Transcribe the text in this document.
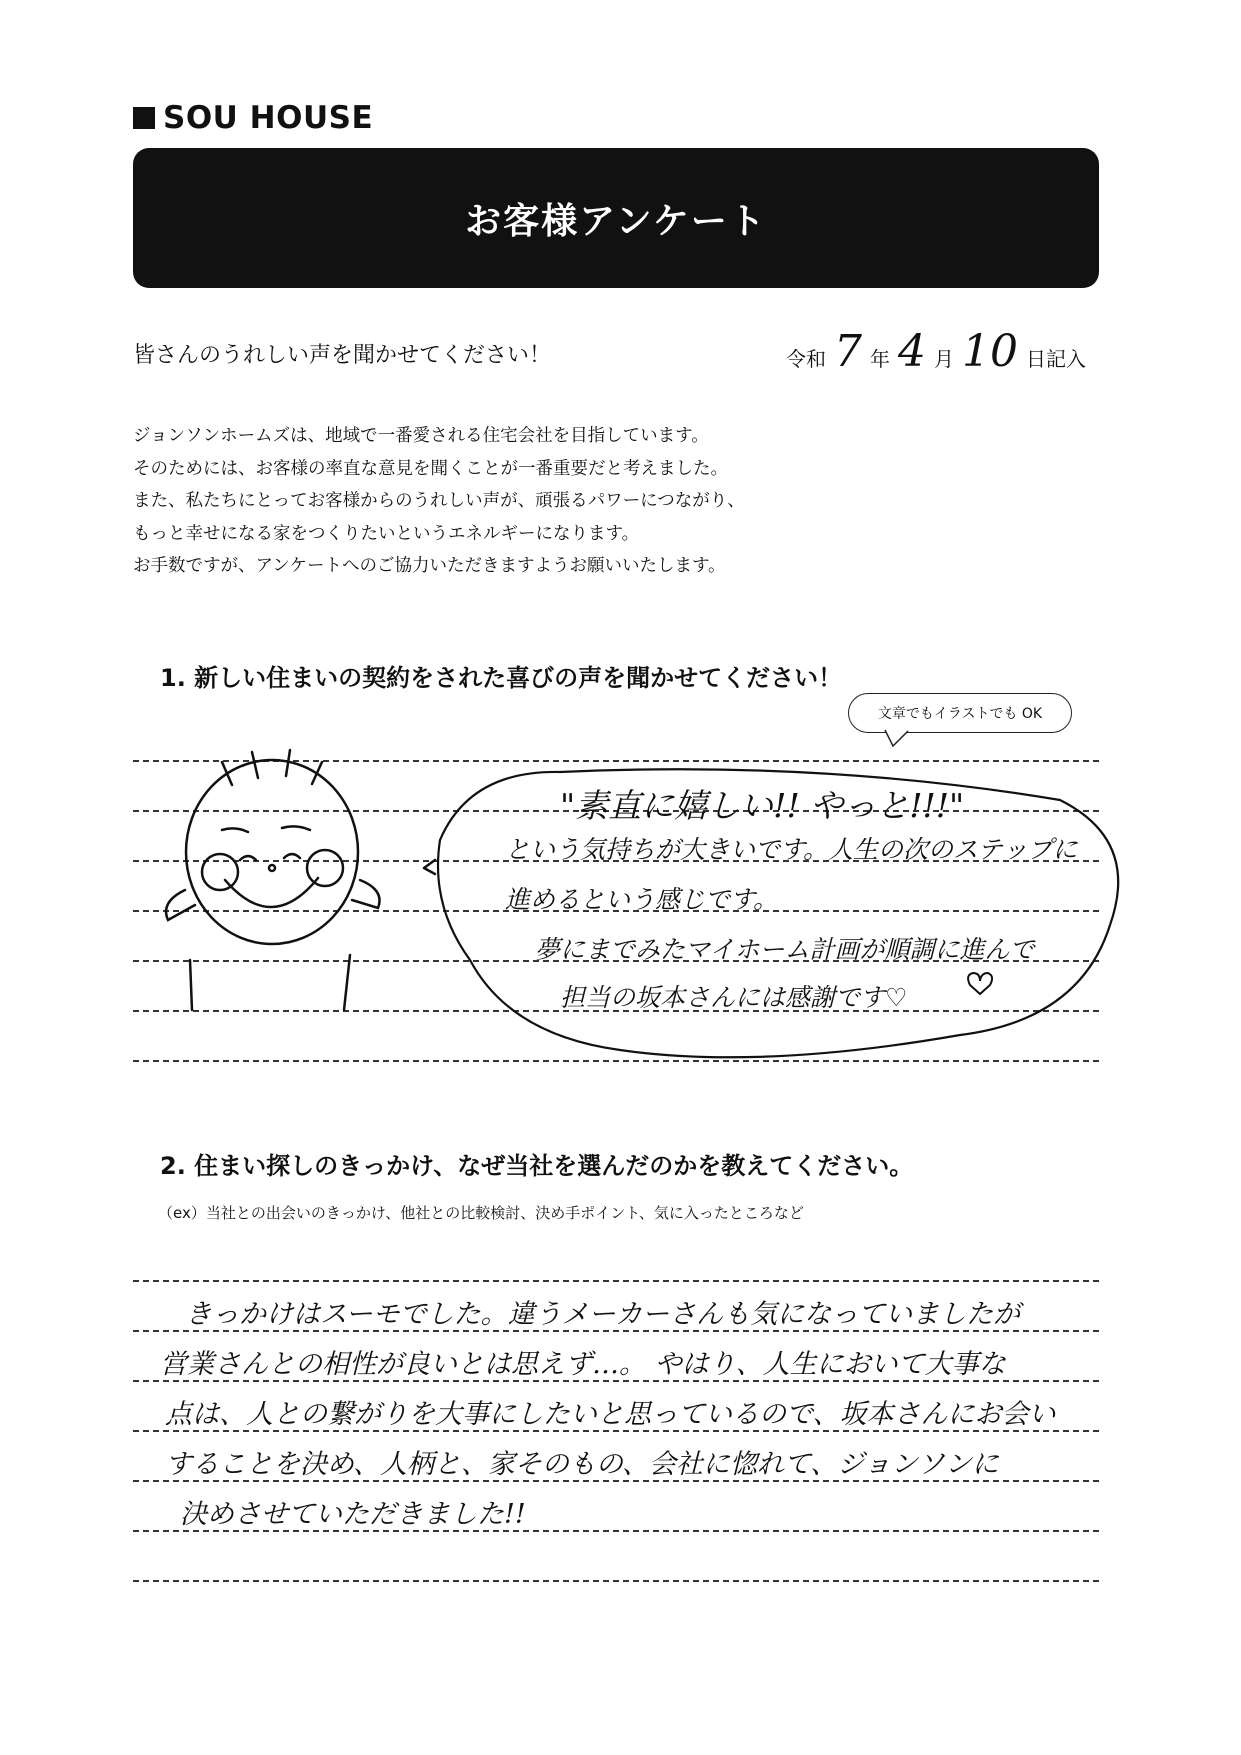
SOU HOUSE
お客様アンケート
皆さんのうれしい声を聞かせてください！	令和 7 年 4 月 10 日 記入
ジョンソンホームズは、地域で一番愛される住宅会社を目指しています。
そのためには、お客様の率直な意見を聞くことが一番重要だと考えました。
また、私たちにとってお客様からのうれしい声が、頑張るパワーにつながり、
もっと幸せになる家をつくりたいというエネルギーになります。
お手数ですが、アンケートへのご協力いただきますようお願いいたします。
1. 新しい住まいの契約をされた喜びの声を聞かせてください！
文章でもイラストでも OK
"素直に嬉しい!! やっと!!!"
という気持ちが大きいです。人生の次のステップに
進めるという感じです。
夢にまでみたマイホーム計画が順調に進んで
担当の坂本さんには感謝です♡
2. 住まい探しのきっかけ、なぜ当社を選んだのかを教えてください。
（ex）当社との出会いのきっかけ、他社との比較検討、決め手ポイント、気に入ったところなど
きっかけはスーモでした。違うメーカーさんも気になっていましたが
営業さんとの相性が良いとは思えず…。 やはり、人生において大事な
点は、人との繋がりを大事にしたいと思っているので、坂本さんにお会い
することを決め、人柄と、家そのもの、会社に惚れて、ジョンソンに
決めさせていただきました!!
